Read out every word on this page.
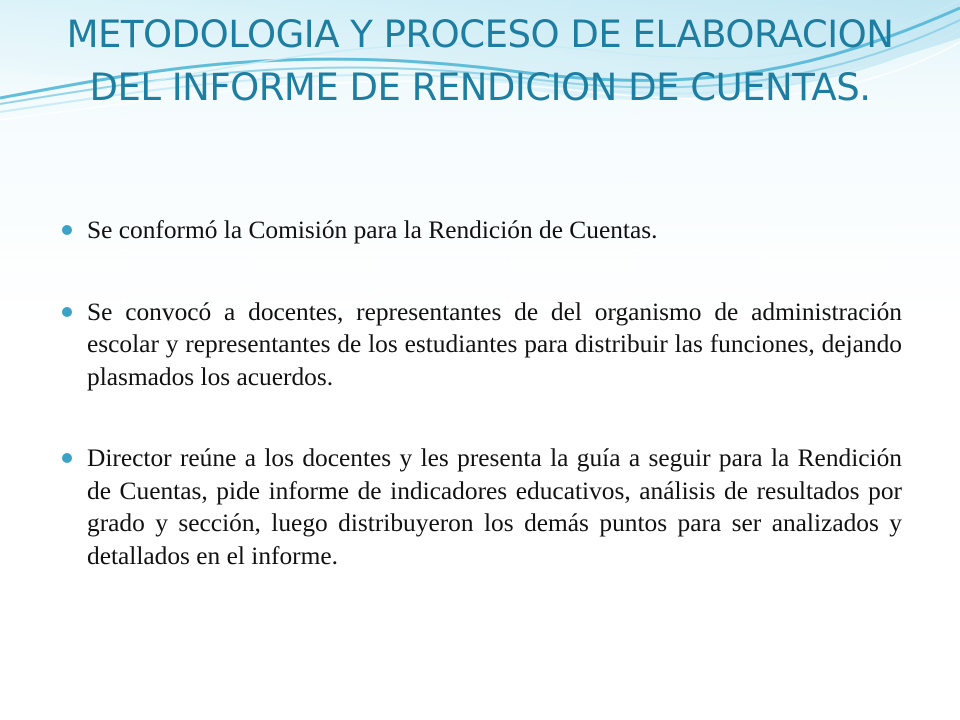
METODOLOGIA Y PROCESO DE ELABORACION DEL INFORME DE RENDICION DE CUENTAS.
Se conformó la Comisión para la Rendición de Cuentas.
Se convocó a docentes, representantes de del organismo de administración escolar y representantes de los estudiantes para distribuir las funciones, dejando plasmados los acuerdos.
Director reúne a los docentes y les presenta la guía a seguir para la Rendición de Cuentas, pide informe de indicadores educativos, análisis de resultados por grado y sección, luego distribuyeron los demás puntos para ser analizados y detallados en el informe.
